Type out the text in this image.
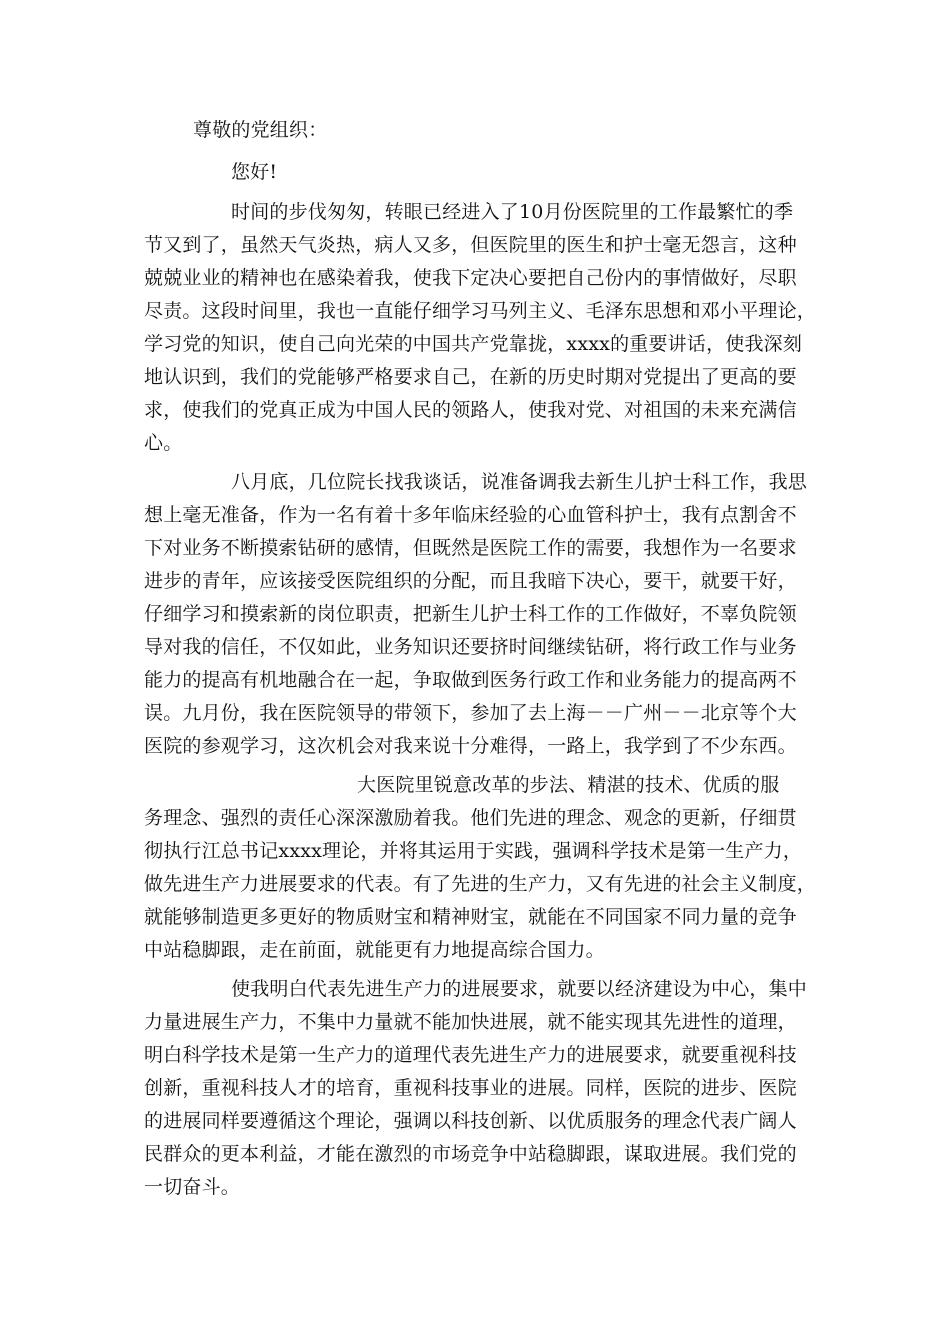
尊敬的党组织：
您好!
时间的步伐匆匆，转眼已经进入了10月份医院里的工作最繁忙的季
节又到了，虽然天气炎热，病人又多，但医院里的医生和护士毫无怨言，这种
兢兢业业的精神也在感染着我，使我下定决心要把自己份内的事情做好，尽职
尽责。这段时间里，我也一直能仔细学习马列主义、毛泽东思想和邓小平理论，
学习党的知识，使自己向光荣的中国共产党靠拢，xxxx的重要讲话，使我深刻
地认识到，我们的党能够严格要求自己，在新的历史时期对党提出了更高的要
求，使我们的党真正成为中国人民的领路人，使我对党、对祖国的未来充满信
心。
八月底，几位院长找我谈话，说准备调我去新生儿护士科工作，我思
想上毫无准备，作为一名有着十多年临床经验的心血管科护士，我有点割舍不
下对业务不断摸索钻研的感情，但既然是医院工作的需要，我想作为一名要求
进步的青年，应该接受医院组织的分配，而且我暗下决心，要干，就要干好，
仔细学习和摸索新的岗位职责，把新生儿护士科工作的工作做好，不辜负院领
导对我的信任，不仅如此，业务知识还要挤时间继续钻研，将行政工作与业务
能力的提高有机地融合在一起，争取做到医务行政工作和业务能力的提高两不
误。九月份，我在医院领导的带领下，参加了去上海－－广州－－北京等个大
医院的参观学习，这次机会对我来说十分难得，一路上，我学到了不少东西。
大医院里锐意改革的步法、精湛的技术、优质的服
务理念、强烈的责任心深深激励着我。他们先进的理念、观念的更新，仔细贯
彻执行江总书记xxxx理论，并将其运用于实践，强调科学技术是第一生产力，
做先进生产力进展要求的代表。有了先进的生产力，又有先进的社会主义制度，
就能够制造更多更好的物质财宝和精神财宝，就能在不同国家不同力量的竞争
中站稳脚跟，走在前面，就能更有力地提高综合国力。
使我明白代表先进生产力的进展要求，就要以经济建设为中心，集中
力量进展生产力，不集中力量就不能加快进展，就不能实现其先进性的道理，
明白科学技术是第一生产力的道理代表先进生产力的进展要求，就要重视科技
创新，重视科技人才的培育，重视科技事业的进展。同样，医院的进步、医院
的进展同样要遵循这个理论，强调以科技创新、以优质服务的理念代表广阔人
民群众的更本利益，才能在激烈的市场竞争中站稳脚跟，谋取进展。我们党的
一切奋斗。
